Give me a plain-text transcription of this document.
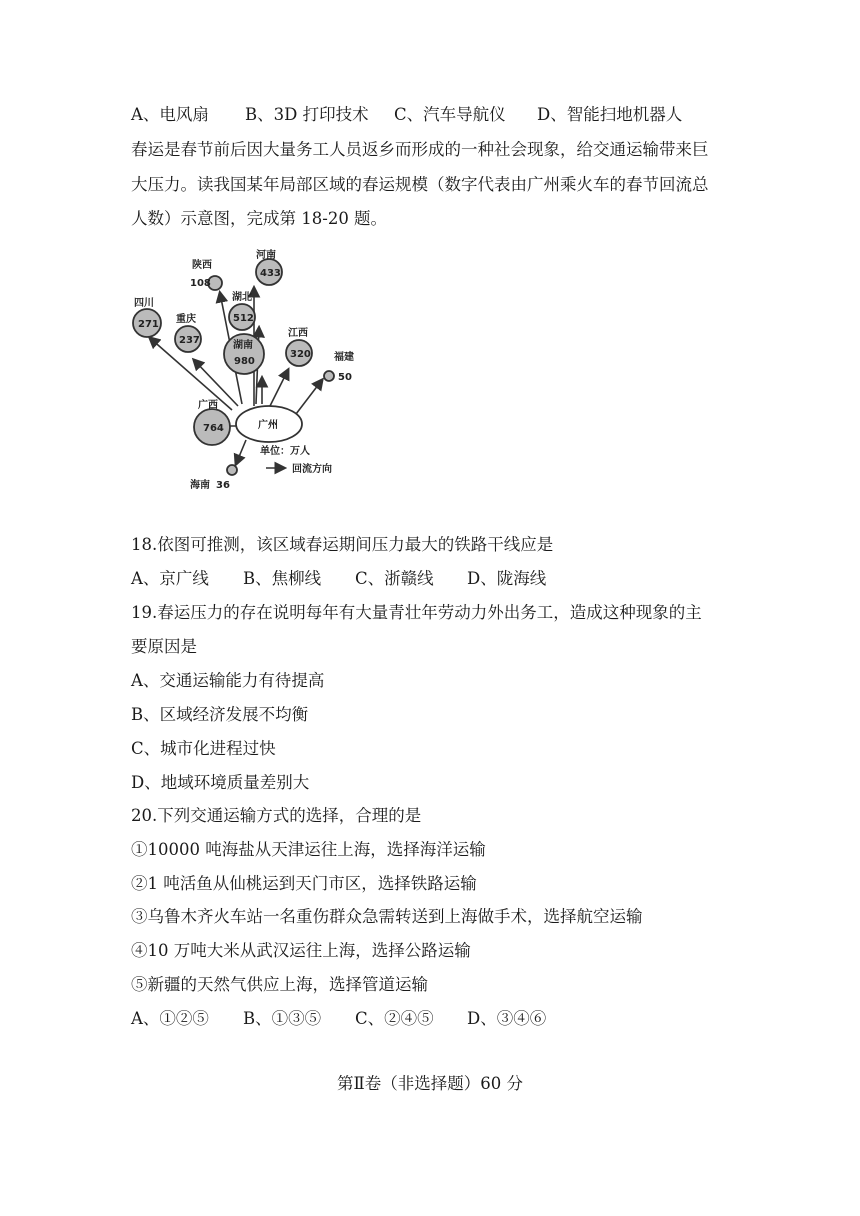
A、电风扇 B、3D 打印技术 C、汽车导航仪 D、智能扫地机器人

春运是春节前后因大量务工人员返乡而形成的一种社会现象，给交通运输带来巨

大压力。读我国某年局部区域的春运规模（数字代表由广州乘火车的春节回流总

人数）示意图，完成第 18-20 题。

河南
433
陕西
108
湖北
512
四川
271 重庆
237	湖南
980
江西
320 福建
50
广西
764
海南 36
广州
单位：万人
回流方向

18.依图可推测，该区域春运期间压力最大的铁路干线应是

A、京广线 B、焦柳线 C、浙赣线 D、陇海线

19.春运压力的存在说明每年有大量青壮年劳动力外出务工，造成这种现象的主

要原因是

A、交通运输能力有待提高

B、区域经济发展不均衡

C、城市化进程过快

D、地域环境质量差别大

20.下列交通运输方式的选择，合理的是

①10000 吨海盐从天津运往上海，选择海洋运输

②1 吨活鱼从仙桃运到天门市区，选择铁路运输

③乌鲁木齐火车站一名重伤群众急需转送到上海做手术，选择航空运输

④10 万吨大米从武汉运往上海，选择公路运输

⑤新疆的天然气供应上海，选择管道运输

A、①②⑤ B、①③⑤ C、②④⑤ D、③④⑥

第Ⅱ卷（非选择题）60 分
